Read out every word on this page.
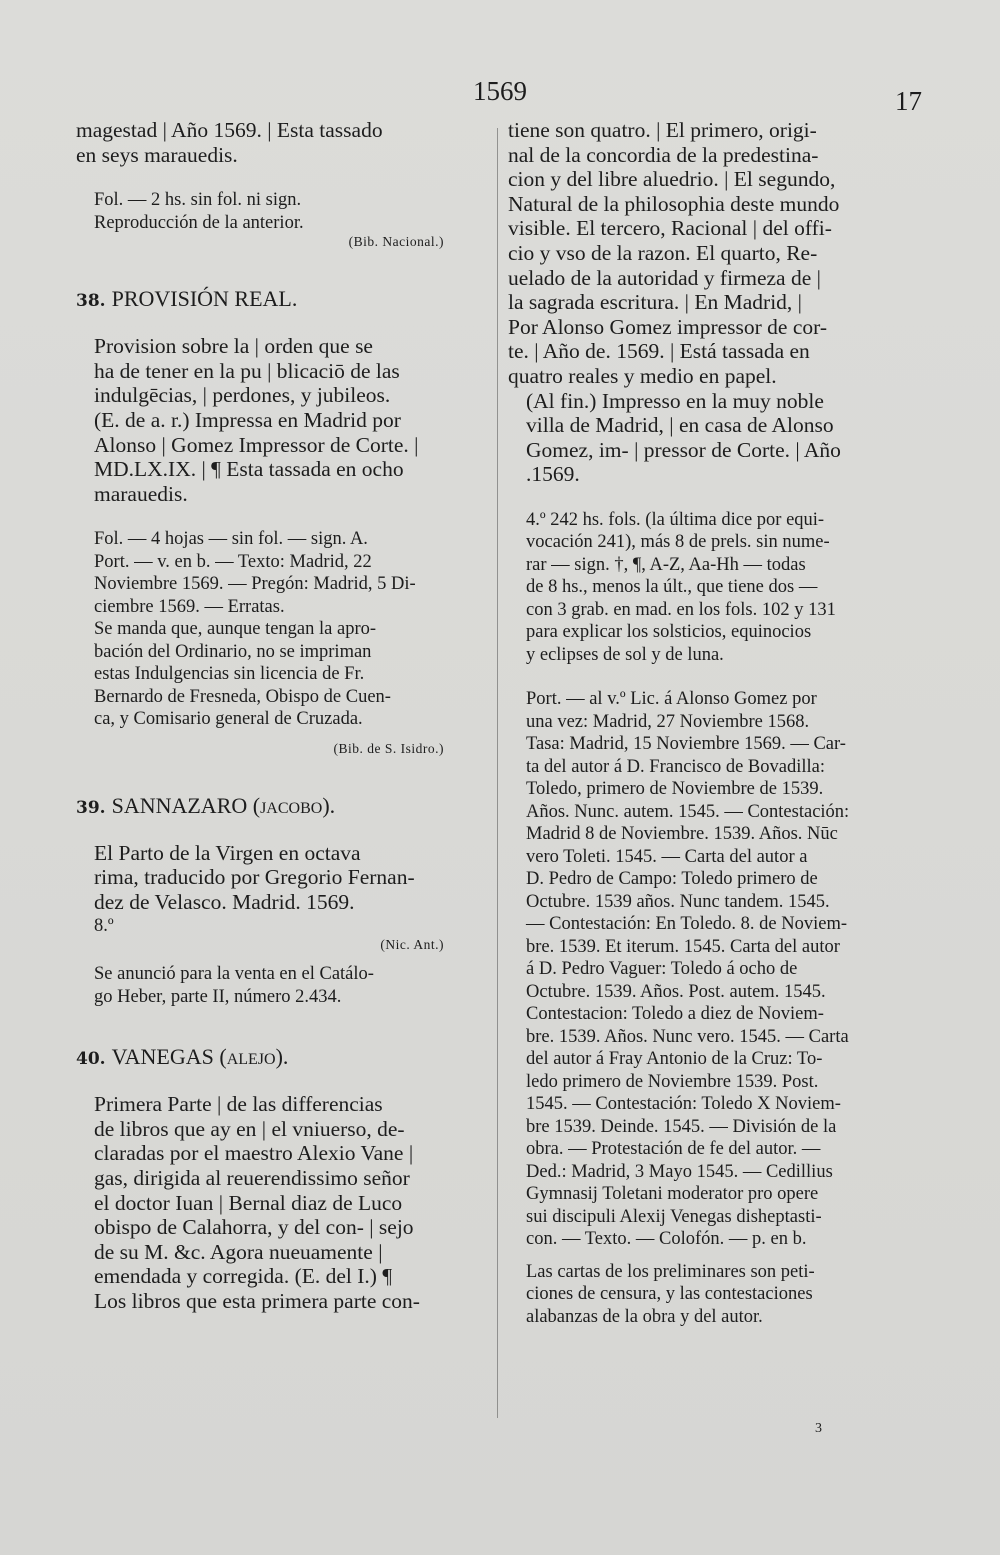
1569	17
magestad | Año 1569. | Esta tassado
en seys marauedis.
Fol. — 2 hs. sin fol. ni sign.
Reproducción de la anterior.
(Bib. Nacional.)
38. PROVISIÓN REAL.
Provision sobre la | orden que se
ha de tener en la pu | blicaciō de las
indulgēcias, | perdones, y jubileos.
(E. de a. r.) Impressa en Madrid por
Alonso | Gomez Impressor de Corte. |
MD.LX.IX. | ¶ Esta tassada en ocho
marauedis.
Fol. — 4 hojas — sin fol. — sign. A.
Port. — v. en b. — Texto: Madrid, 22
Noviembre 1569. — Pregón: Madrid, 5 Di-
ciembre 1569. — Erratas.
Se manda que, aunque tengan la apro-
bación del Ordinario, no se impriman
estas Indulgencias sin licencia de Fr.
Bernardo de Fresneda, Obispo de Cuen-
ca, y Comisario general de Cruzada.
(Bib. de S. Isidro.)
39. SANNAZARO (JACOBO).
El Parto de la Virgen en octava
rima, traducido por Gregorio Fernan-
dez de Velasco. Madrid. 1569.
8.º
(Nic. Ant.)
Se anunció para la venta en el Catálo-
go Heber, parte II, número 2.434.
40. VANEGAS (ALEJO).
Primera Parte | de las differencias
de libros que ay en | el vniuerso, de-
claradas por el maestro Alexio Vane |
gas, dirigida al reuerendissimo señor
el doctor Iuan | Bernal diaz de Luco
obispo de Calahorra, y del con- | sejo
de su M. &c. Agora nueuamente |
emendada y corregida. (E. del I.) ¶
Los libros que esta primera parte con-
tiene son quatro. | El primero, origi-
nal de la concordia de la predestina-
cion y del libre aluedrio. | El segundo,
Natural de la philosophia deste mundo
visible. El tercero, Racional | del offi-
cio y vso de la razon. El quarto, Re-
uelado de la autoridad y firmeza de |
la sagrada escritura. | En Madrid, |
Por Alonso Gomez impressor de cor-
te. | Año de. 1569. | Está tassada en
quatro reales y medio en papel.
(Al fin.) Impresso en la muy noble
villa de Madrid, | en casa de Alonso
Gomez, im- | pressor de Corte. | Año
.1569.
4.º 242 hs. fols. (la última dice por equi-
vocación 241), más 8 de prels. sin nume-
rar — sign. †, ¶, A-Z, Aa-Hh — todas
de 8 hs., menos la últ., que tiene dos —
con 3 grab. en mad. en los fols. 102 y 131
para explicar los solsticios, equinocios
y eclipses de sol y de luna.
Port. — al v.º Lic. á Alonso Gomez por
una vez: Madrid, 27 Noviembre 1568.
Tasa: Madrid, 15 Noviembre 1569. — Car-
ta del autor á D. Francisco de Bovadilla:
Toledo, primero de Noviembre de 1539.
Años. Nunc. autem. 1545. — Contestación:
Madrid 8 de Noviembre. 1539. Años. Nūc
vero Toleti. 1545. — Carta del autor a
D. Pedro de Campo: Toledo primero de
Octubre. 1539 años. Nunc tandem. 1545.
— Contestación: En Toledo. 8. de Noviem-
bre. 1539. Et iterum. 1545. Carta del autor
á D. Pedro Vaguer: Toledo á ocho de
Octubre. 1539. Años. Post. autem. 1545.
Contestacion: Toledo a diez de Noviem-
bre. 1539. Años. Nunc vero. 1545. — Carta
del autor á Fray Antonio de la Cruz: To-
ledo primero de Noviembre 1539. Post.
1545. — Contestación: Toledo X Noviem-
bre 1539. Deinde. 1545. — División de la
obra. — Protestación de fe del autor. —
Ded.: Madrid, 3 Mayo 1545. — Cedillius
Gymnasij Toletani moderator pro opere
sui discipuli Alexij Venegas disheptasti-
con. — Texto. — Colofón. — p. en b.
Las cartas de los preliminares son peti-
ciones de censura, y las contestaciones
alabanzas de la obra y del autor.
3
